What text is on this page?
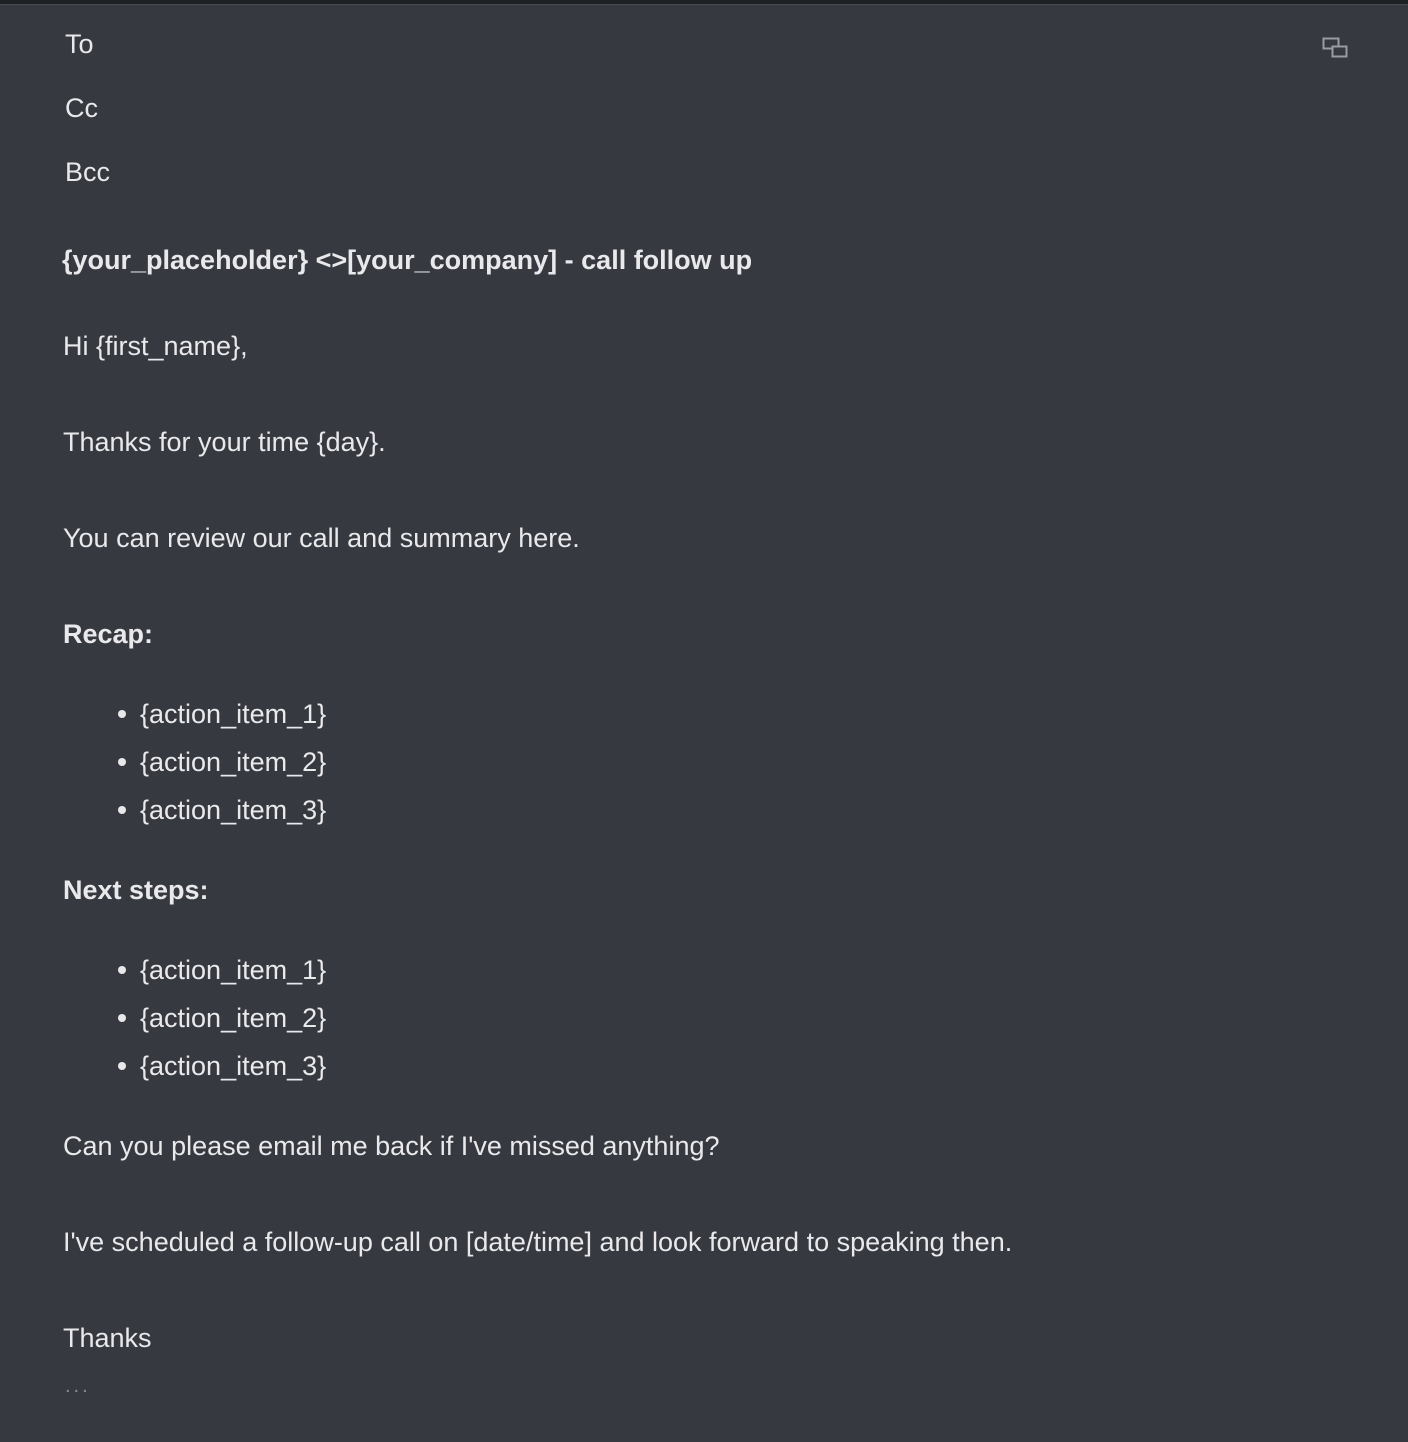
To
Cc
Bcc
{your_placeholder} <>[your_company] - call follow up
Hi {first_name},
Thanks for your time {day}.
You can review our call and summary here.
Recap:
{action_item_1}
{action_item_2}
{action_item_3}
Next steps:
{action_item_1}
{action_item_2}
{action_item_3}
Can you please email me back if I've missed anything?
I've scheduled a follow-up call on [date/time] and look forward to speaking then.
Thanks
...
